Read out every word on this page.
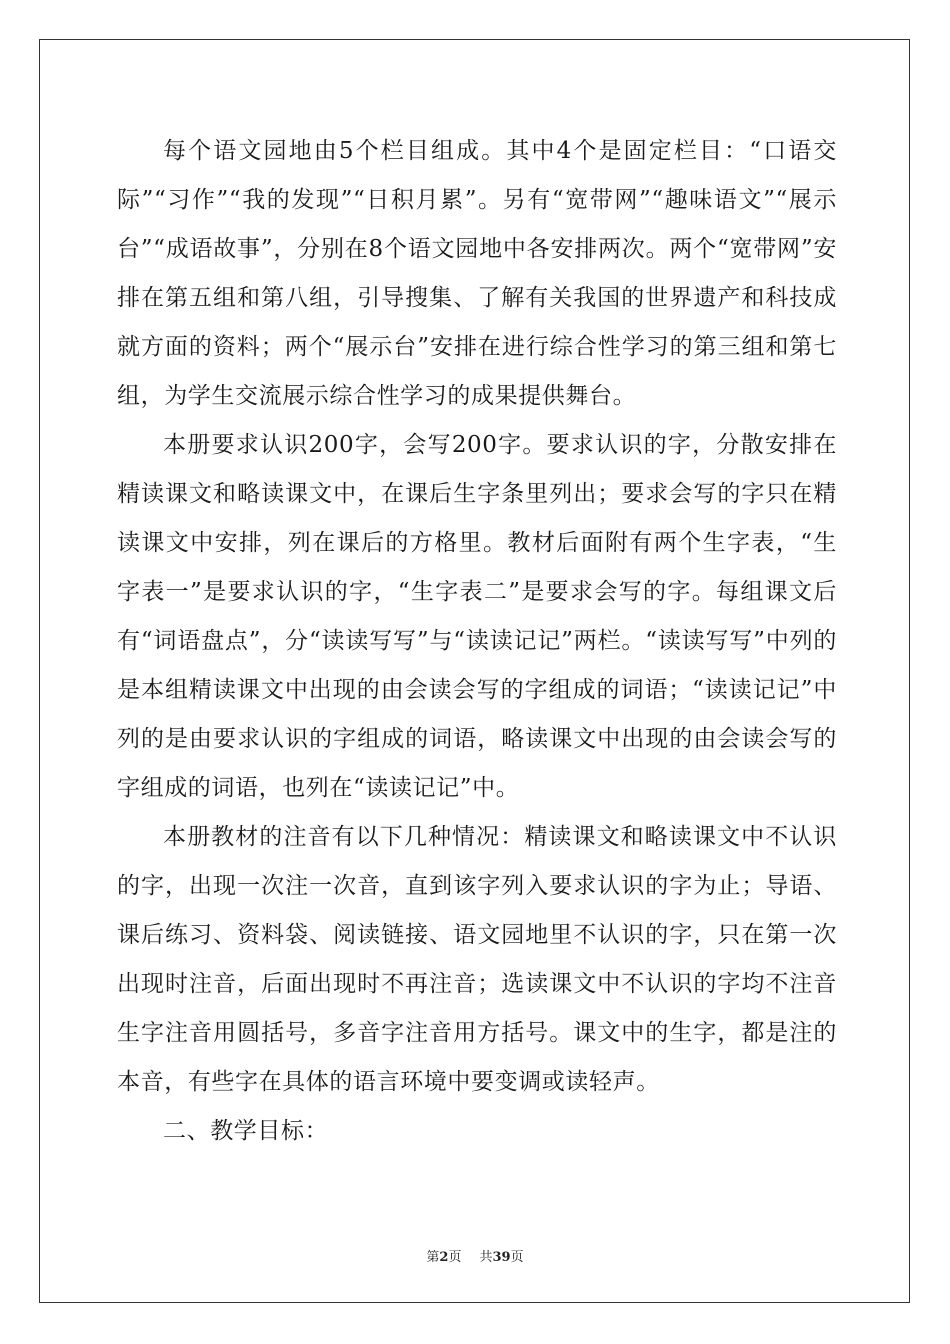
每个语文园地由5个栏目组成。其中4个是固定栏目：“口语交际”“习作”“我的发现”“日积月累”。另有“宽带网”“趣味语文”“展示台”“成语故事”，分别在8个语文园地中各安排两次。两个“宽带网”安排在第五组和第八组，引导搜集、了解有关我国的世界遗产和科技成就方面的资料；两个“展示台”安排在进行综合性学习的第三组和第七组，为学生交流展示综合性学习的成果提供舞台。

本册要求认识200字，会写200字。要求认识的字，分散安排在精读课文和略读课文中，在课后生字条里列出；要求会写的字只在精读课文中安排，列在课后的方格里。教材后面附有两个生字表，“生字表一”是要求认识的字，“生字表二”是要求会写的字。每组课文后有“词语盘点”，分“读读写写”与“读读记记”两栏。“读读写写”中列的是本组精读课文中出现的由会读会写的字组成的词语；“读读记记”中列的是由要求认识的字组成的词语，略读课文中出现的由会读会写的字组成的词语，也列在“读读记记”中。

本册教材的注音有以下几种情况：精读课文和略读课文中不认识的字，出现一次注一次音，直到该字列入要求认识的字为止；导语、课后练习、资料袋、阅读链接、语文园地里不认识的字，只在第一次出现时注音，后面出现时不再注音；选读课文中不认识的字均不注音生字注音用圆括号，多音字注音用方括号。课文中的生字，都是注的本音，有些字在具体的语言环境中要变调或读轻声。

二、教学目标：

第2页 共39页
